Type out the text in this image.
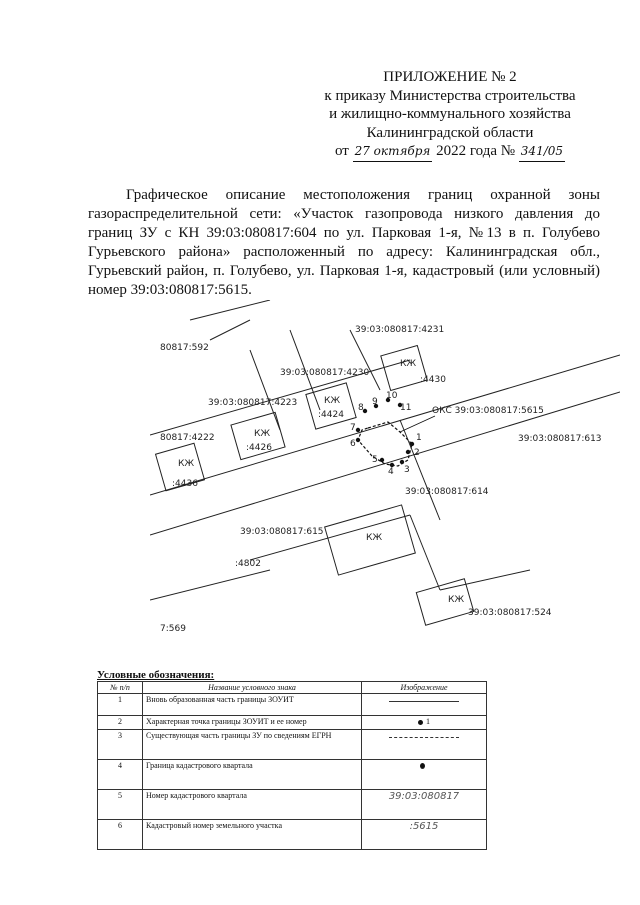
ПРИЛОЖЕНИЕ № 2
к приказу Министерства строительства
и жилищно-коммунального хозяйства
Калининградской области
от 27 октября 2022 года № 341/05
Графическое описание местоположения границ охранной зоны газораспределительной сети: «Участок газопровода низкого давления до границ ЗУ с КН 39:03:080817:604 по ул. Парковая 1-я, №13 в п. Голубево Гурьевского района» расположенный по адресу: Калининградская обл., Гурьевский район, п. Голубево, ул. Парковая 1-я, кадастровый (или условный) номер 39:03:080817:5615.
80817:592
39:03:080817:4231
39:03:080817:4230
39:03:080817:4223
80817:4222	39:03:080817:613
39:03:080817:614
39:03:080817:615
39:03:080817:524
7:569
ОКС 39:03:080817:5615
:4430
:4424
:4426
:4436
:4802
КЖ
КЖ
КЖ
КЖ
КЖ
КЖ
1
2
3
4
5
6
7
8
9
10
11
Условные обозначения:
№ п/п	Название условного знака	Изображение
1	Вновь образованная часть границы ЗОУИТ	
2	Характерная точка границы ЗОУИТ и ее номер	1
3	Существующая часть границы ЗУ по сведениям ЕГРН	
4	Граница кадастрового квартала	
5	Номер кадастрового квартала	39:03:080817
6	Кадастровый номер земельного участка	:5615
